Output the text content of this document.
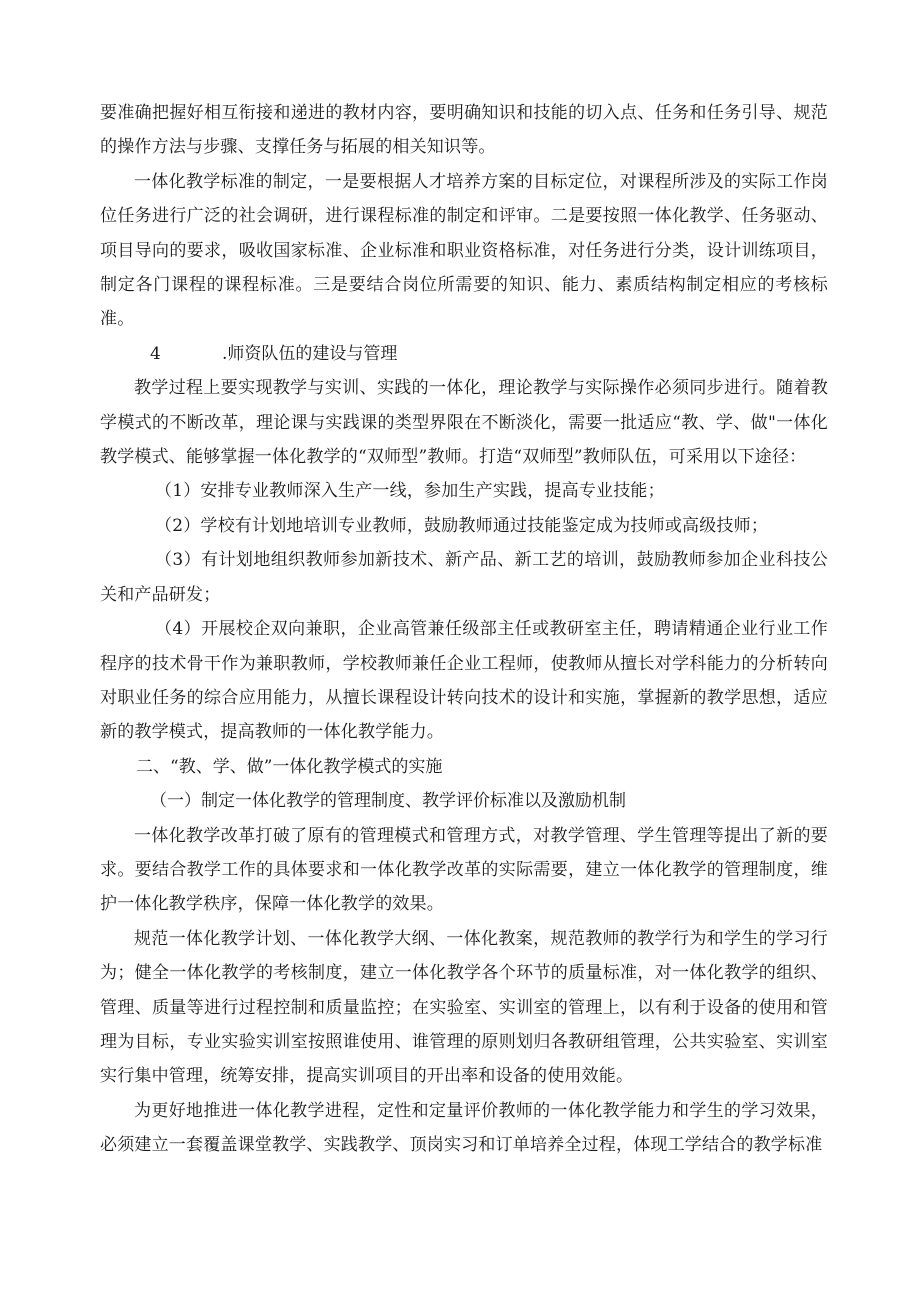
要准确把握好相互衔接和递进的教材内容，要明确知识和技能的切入点、任务和任务引导、规范的操作方法与步骤、支撑任务与拓展的相关知识等。

一体化教学标准的制定，一是要根据人才培养方案的目标定位，对课程所涉及的实际工作岗位任务进行广泛的社会调研，进行课程标准的制定和评审。二是要按照一体化教学、任务驱动、项目导向的要求，吸收国家标准、企业标准和职业资格标准，对任务进行分类，设计训练项目，制定各门课程的课程标准。三是要结合岗位所需要的知识、能力、素质结构制定相应的考核标准。

4	.师资队伍的建设与管理

教学过程上要实现教学与实训、实践的一体化，理论教学与实际操作必须同步进行。随着教学模式的不断改革，理论课与实践课的类型界限在不断淡化，需要一批适应“教、学、做"一体化教学模式、能够掌握一体化教学的“双师型”教师。打造“双师型”教师队伍，可采用以下途径：

（1）安排专业教师深入生产一线，参加生产实践，提高专业技能；

（2）学校有计划地培训专业教师，鼓励教师通过技能鉴定成为技师或高级技师；

（3）有计划地组织教师参加新技术、新产品、新工艺的培训，鼓励教师参加企业科技公关和产品研发；

（4）开展校企双向兼职，企业高管兼任级部主任或教研室主任，聘请精通企业行业工作程序的技术骨干作为兼职教师，学校教师兼任企业工程师，使教师从擅长对学科能力的分析转向对职业任务的综合应用能力，从擅长课程设计转向技术的设计和实施，掌握新的教学思想，适应新的教学模式，提高教师的一体化教学能力。

二、“教、学、做”一体化教学模式的实施

（一）制定一体化教学的管理制度、教学评价标准以及激励机制

一体化教学改革打破了原有的管理模式和管理方式，对教学管理、学生管理等提出了新的要求。要结合教学工作的具体要求和一体化教学改革的实际需要，建立一体化教学的管理制度，维护一体化教学秩序，保障一体化教学的效果。

规范一体化教学计划、一体化教学大纲、一体化教案，规范教师的教学行为和学生的学习行为；健全一体化教学的考核制度，建立一体化教学各个环节的质量标准，对一体化教学的组织、管理、质量等进行过程控制和质量监控；在实验室、实训室的管理上，以有利于设备的使用和管理为目标，专业实验实训室按照谁使用、谁管理的原则划归各教研组管理，公共实验室、实训室实行集中管理，统筹安排，提高实训项目的开出率和设备的使用效能。

为更好地推进一体化教学进程，定性和定量评价教师的一体化教学能力和学生的学习效果，必须建立一套覆盖课堂教学、实践教学、顶岗实习和订单培养全过程，体现工学结合的教学标准
